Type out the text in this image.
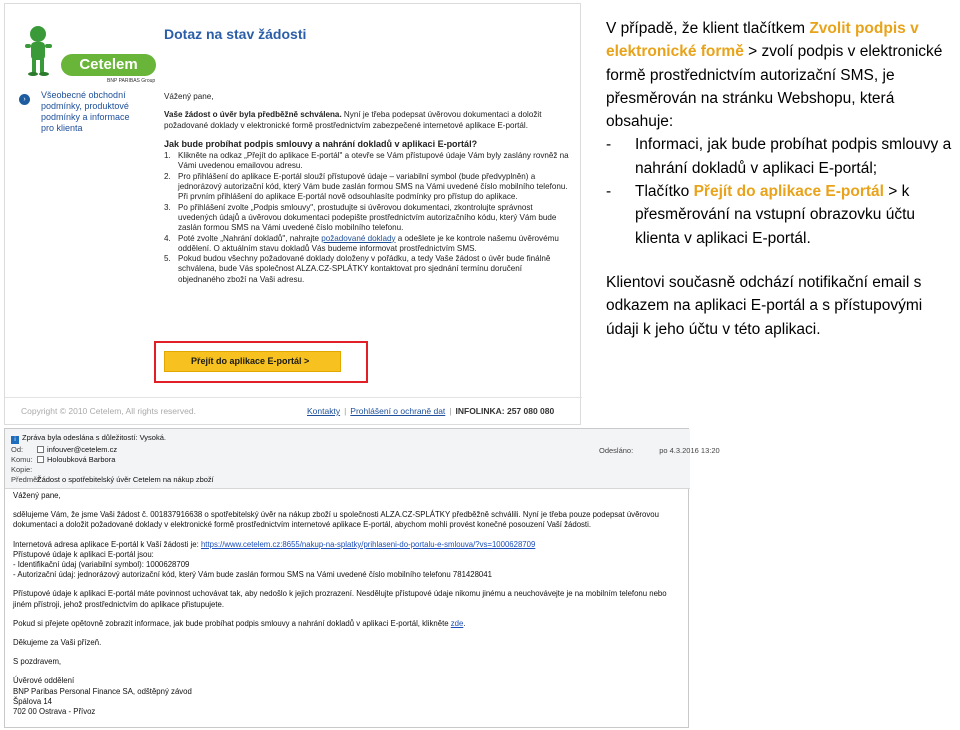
Cetelem
BNP PARIBAS Group
›	Všeobecné obchodní podmínky, produktové podmínky a informace pro klienta
Dotaz na stav žádosti

Vážený pane,

Vaše žádost o úvěr byla předběžně schválena. Nyní je třeba podepsat úvěrovou dokumentaci a doložit požadované doklady v elektronické formě prostřednictvím zabezpečené internetové aplikace E-portál.

Jak bude probíhat podpis smlouvy a nahrání dokladů v aplikaci E-portál?
1. Klikněte na odkaz „Přejít do aplikace E-portál" a otevře se Vám přístupové údaje Vám byly zaslány rovněž na Vámi uvedenou emailovou adresu.
2. Pro přihlášení do aplikace E-portál slouží přístupové údaje – variabilní symbol (bude předvyplněn) a jednorázový autorizační kód, který Vám bude zaslán formou SMS na Vámi uvedené číslo mobilního telefonu. Při prvním přihlášení do aplikace E-portál nově odsouhlasíte podmínky pro přístup do aplikace.
3. Po přihlášení zvolte „Podpis smlouvy", prostudujte si úvěrovou dokumentaci, zkontrolujte správnost uvedených údajů a úvěrovou dokumentaci podepište prostřednictvím autorizačního kódu, který Vám bude zaslán formou SMS na Vámi uvedené číslo mobilního telefonu.
4. Poté zvolte „Nahrání dokladů", nahrajte požadované doklady a odešlete je ke kontrole našemu úvěrovému oddělení. O aktuálním stavu dokladů Vás budeme informovat prostřednictvím SMS.
5. Pokud budou všechny požadované doklady doloženy v pořádku, a tedy Vaše žádost o úvěr bude finálně schválena, bude Vás společnost ALZA.CZ-SPLÁTKY kontaktovat pro sjednání termínu doručení objednaného zboží na Vaši adresu.
Přejít do aplikace E-portál >
Copyright © 2010 Cetelem, All rights reserved.	Kontakty | Prohlášení o ochraně dat | INFOLINKA: 257 080 080
V případě, že klient tlačítkem Zvolit podpis v elektronické formě > zvolí podpis v elektronické formě prostřednictvím autorizační SMS, je přesměrován na stránku Webshopu, která obsahuje:
- Informaci, jak bude probíhat podpis smlouvy a nahrání dokladů v aplikaci E-portál;
- Tlačítko Přejít do aplikace E-portál > k přesměrování na vstupní obrazovku účtu klienta v aplikaci E-portál.
Klientovi současně odchází notifikační email s odkazem na aplikaci E-portál a s přístupovými údaji k jeho účtu v této aplikaci.
i Zpráva byla odeslána s důležitostí: Vysoká.
Od:	infouver@cetelem.cz
Komu: Holoubková Barbora
Kopie:
Předmět:Žádost o spotřebitelský úvěr Cetelem na nákup zboží
Odesláno:	po 4.3.2016 13:20

Vážený pane,

sdělujeme Vám, že jsme Vaši žádost č. 001837916638 o spotřebitelský úvěr na nákup zboží u společnosti ALZA.CZ-SPLÁTKY předběžně schválili. Nyní je třeba pouze podepsat úvěrovou dokumentaci a doložit požadované doklady v elektronické formě prostřednictvím internetové aplikace E-portál, abychom mohli provést konečné posouzení Vaší žádosti.

Internetová adresa aplikace E-portál k Vaší žádosti je: https://www.cetelem.cz:8655/nakup-na-splatky/prihlaseni-do-portalu-e-smlouva/?vs=1000628709
Přístupové údaje k aplikaci E-portál jsou:
- Identifikační údaj (variabilní symbol): 1000628709
- Autorizační údaj: jednorázový autorizační kód, který Vám bude zaslán formou SMS na Vámi uvedené číslo mobilního telefonu 781428041

Přístupové údaje k aplikaci E-portál máte povinnost uchovávat tak, aby nedošlo k jejich prozrazení. Nesdělujte přístupové údaje nikomu jinému a neuchovávejte je na mobilním telefonu nebo jiném přístroji, jehož prostřednictvím do aplikace přistupujete.

Pokud si přejete opětovně zobrazit informace, jak bude probíhat podpis smlouvy a nahrání dokladů v aplikaci E-portál, klikněte zde.

Děkujeme za Vaši přízeň.

S pozdravem,

Úvěrové oddělení
BNP Paribas Personal Finance SA, odštěpný závod
Špálova 14
702 00 Ostrava - Přívoz
